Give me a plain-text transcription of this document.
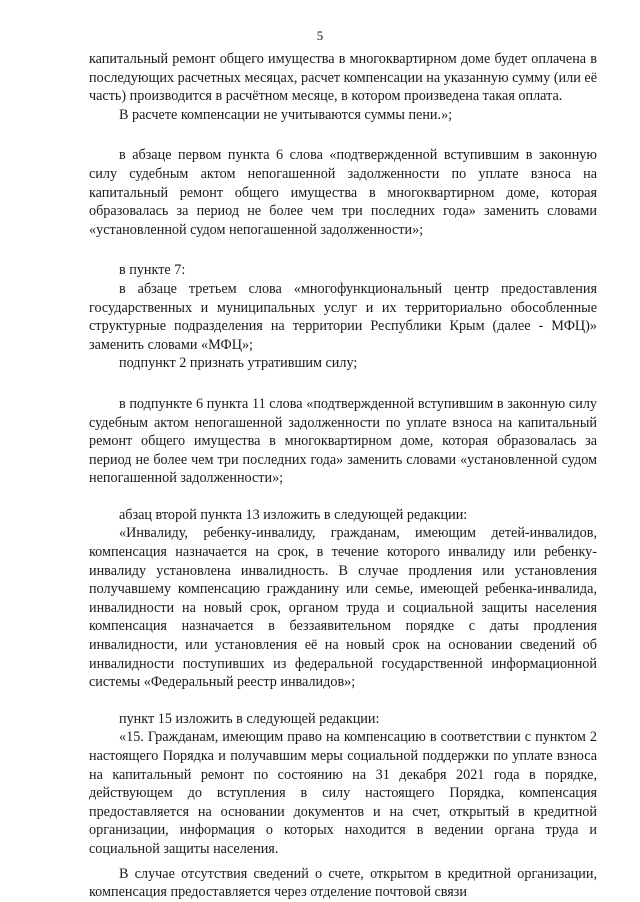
5

капитальный ремонт общего имущества в многоквартирном доме будет оплачена в последующих расчетных месяцах, расчет компенсации на указанную сумму (или её часть) производится в расчётном месяце, в котором произведена такая оплата.

В расчете компенсации не учитываются суммы пени.»;

в абзаце первом пункта 6 слова «подтвержденной вступившим в законную силу судебным актом непогашенной задолженности по уплате взноса на капитальный ремонт общего имущества в многоквартирном доме, которая образовалась за период не более чем три последних года» заменить словами «установленной судом непогашенной задолженности»;

в пункте 7:

в абзаце третьем слова «многофункциональный центр предоставления государственных и муниципальных услуг и их территориально обособленные структурные подразделения на территории Республики Крым (далее - МФЦ)» заменить словами «МФЦ»;

подпункт 2 признать утратившим силу;

в подпункте 6 пункта 11 слова «подтвержденной вступившим в законную силу судебным актом непогашенной задолженности по уплате взноса на капитальный ремонт общего имущества в многоквартирном доме, которая образовалась за период не более чем три последних года» заменить словами «установленной судом непогашенной задолженности»;

абзац второй пункта 13 изложить в следующей редакции:

«Инвалиду, ребенку-инвалиду, гражданам, имеющим детей-инвалидов, компенсация назначается на срок, в течение которого инвалиду или ребенку-инвалиду установлена инвалидность. В случае продления или установления получавшему компенсацию гражданину или семье, имеющей ребенка-инвалида, инвалидности на новый срок, органом труда и социальной защиты населения компенсация назначается в беззаявительном порядке с даты продления инвалидности, или установления её на новый срок на основании сведений об инвалидности поступивших из федеральной государственной информационной системы «Федеральный реестр инвалидов»;

пункт 15 изложить в следующей редакции:

«15. Гражданам, имеющим право на компенсацию в соответствии с пунктом 2 настоящего Порядка и получавшим меры социальной поддержки по уплате взноса на капитальный ремонт по состоянию на 31 декабря 2021 года в порядке, действующем до вступления в силу настоящего Порядка, компенсация предоставляется на основании документов и на счет, открытый в кредитной организации, информация о которых находится в ведении органа труда и социальной защиты населения.

В случае отсутствия сведений о счете, открытом в кредитной организации, компенсация предоставляется через отделение почтовой связи
